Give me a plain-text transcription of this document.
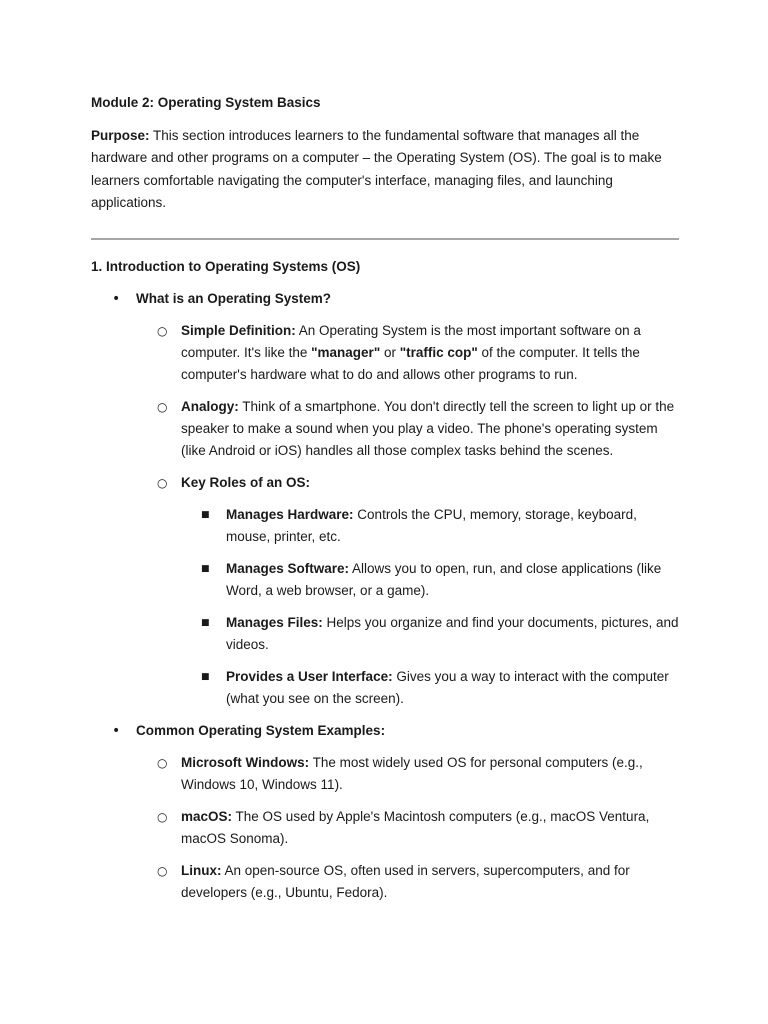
Module 2: Operating System Basics

Purpose: This section introduces learners to the fundamental software that manages all the hardware and other programs on a computer – the Operating System (OS). The goal is to make learners comfortable navigating the computer's interface, managing files, and launching applications.

1. Introduction to Operating Systems (OS)

• What is an Operating System?
○ Simple Definition: An Operating System is the most important software on a computer. It's like the "manager" or "traffic cop" of the computer. It tells the computer's hardware what to do and allows other programs to run.
○ Analogy: Think of a smartphone. You don't directly tell the screen to light up or the speaker to make a sound when you play a video. The phone's operating system (like Android or iOS) handles all those complex tasks behind the scenes.
○ Key Roles of an OS:
■ Manages Hardware: Controls the CPU, memory, storage, keyboard, mouse, printer, etc.
■ Manages Software: Allows you to open, run, and close applications (like Word, a web browser, or a game).
■ Manages Files: Helps you organize and find your documents, pictures, and videos.
■ Provides a User Interface: Gives you a way to interact with the computer (what you see on the screen).
• Common Operating System Examples:
○ Microsoft Windows: The most widely used OS for personal computers (e.g., Windows 10, Windows 11).
○ macOS: The OS used by Apple's Macintosh computers (e.g., macOS Ventura, macOS Sonoma).
○ Linux: An open-source OS, often used in servers, supercomputers, and for developers (e.g., Ubuntu, Fedora).
